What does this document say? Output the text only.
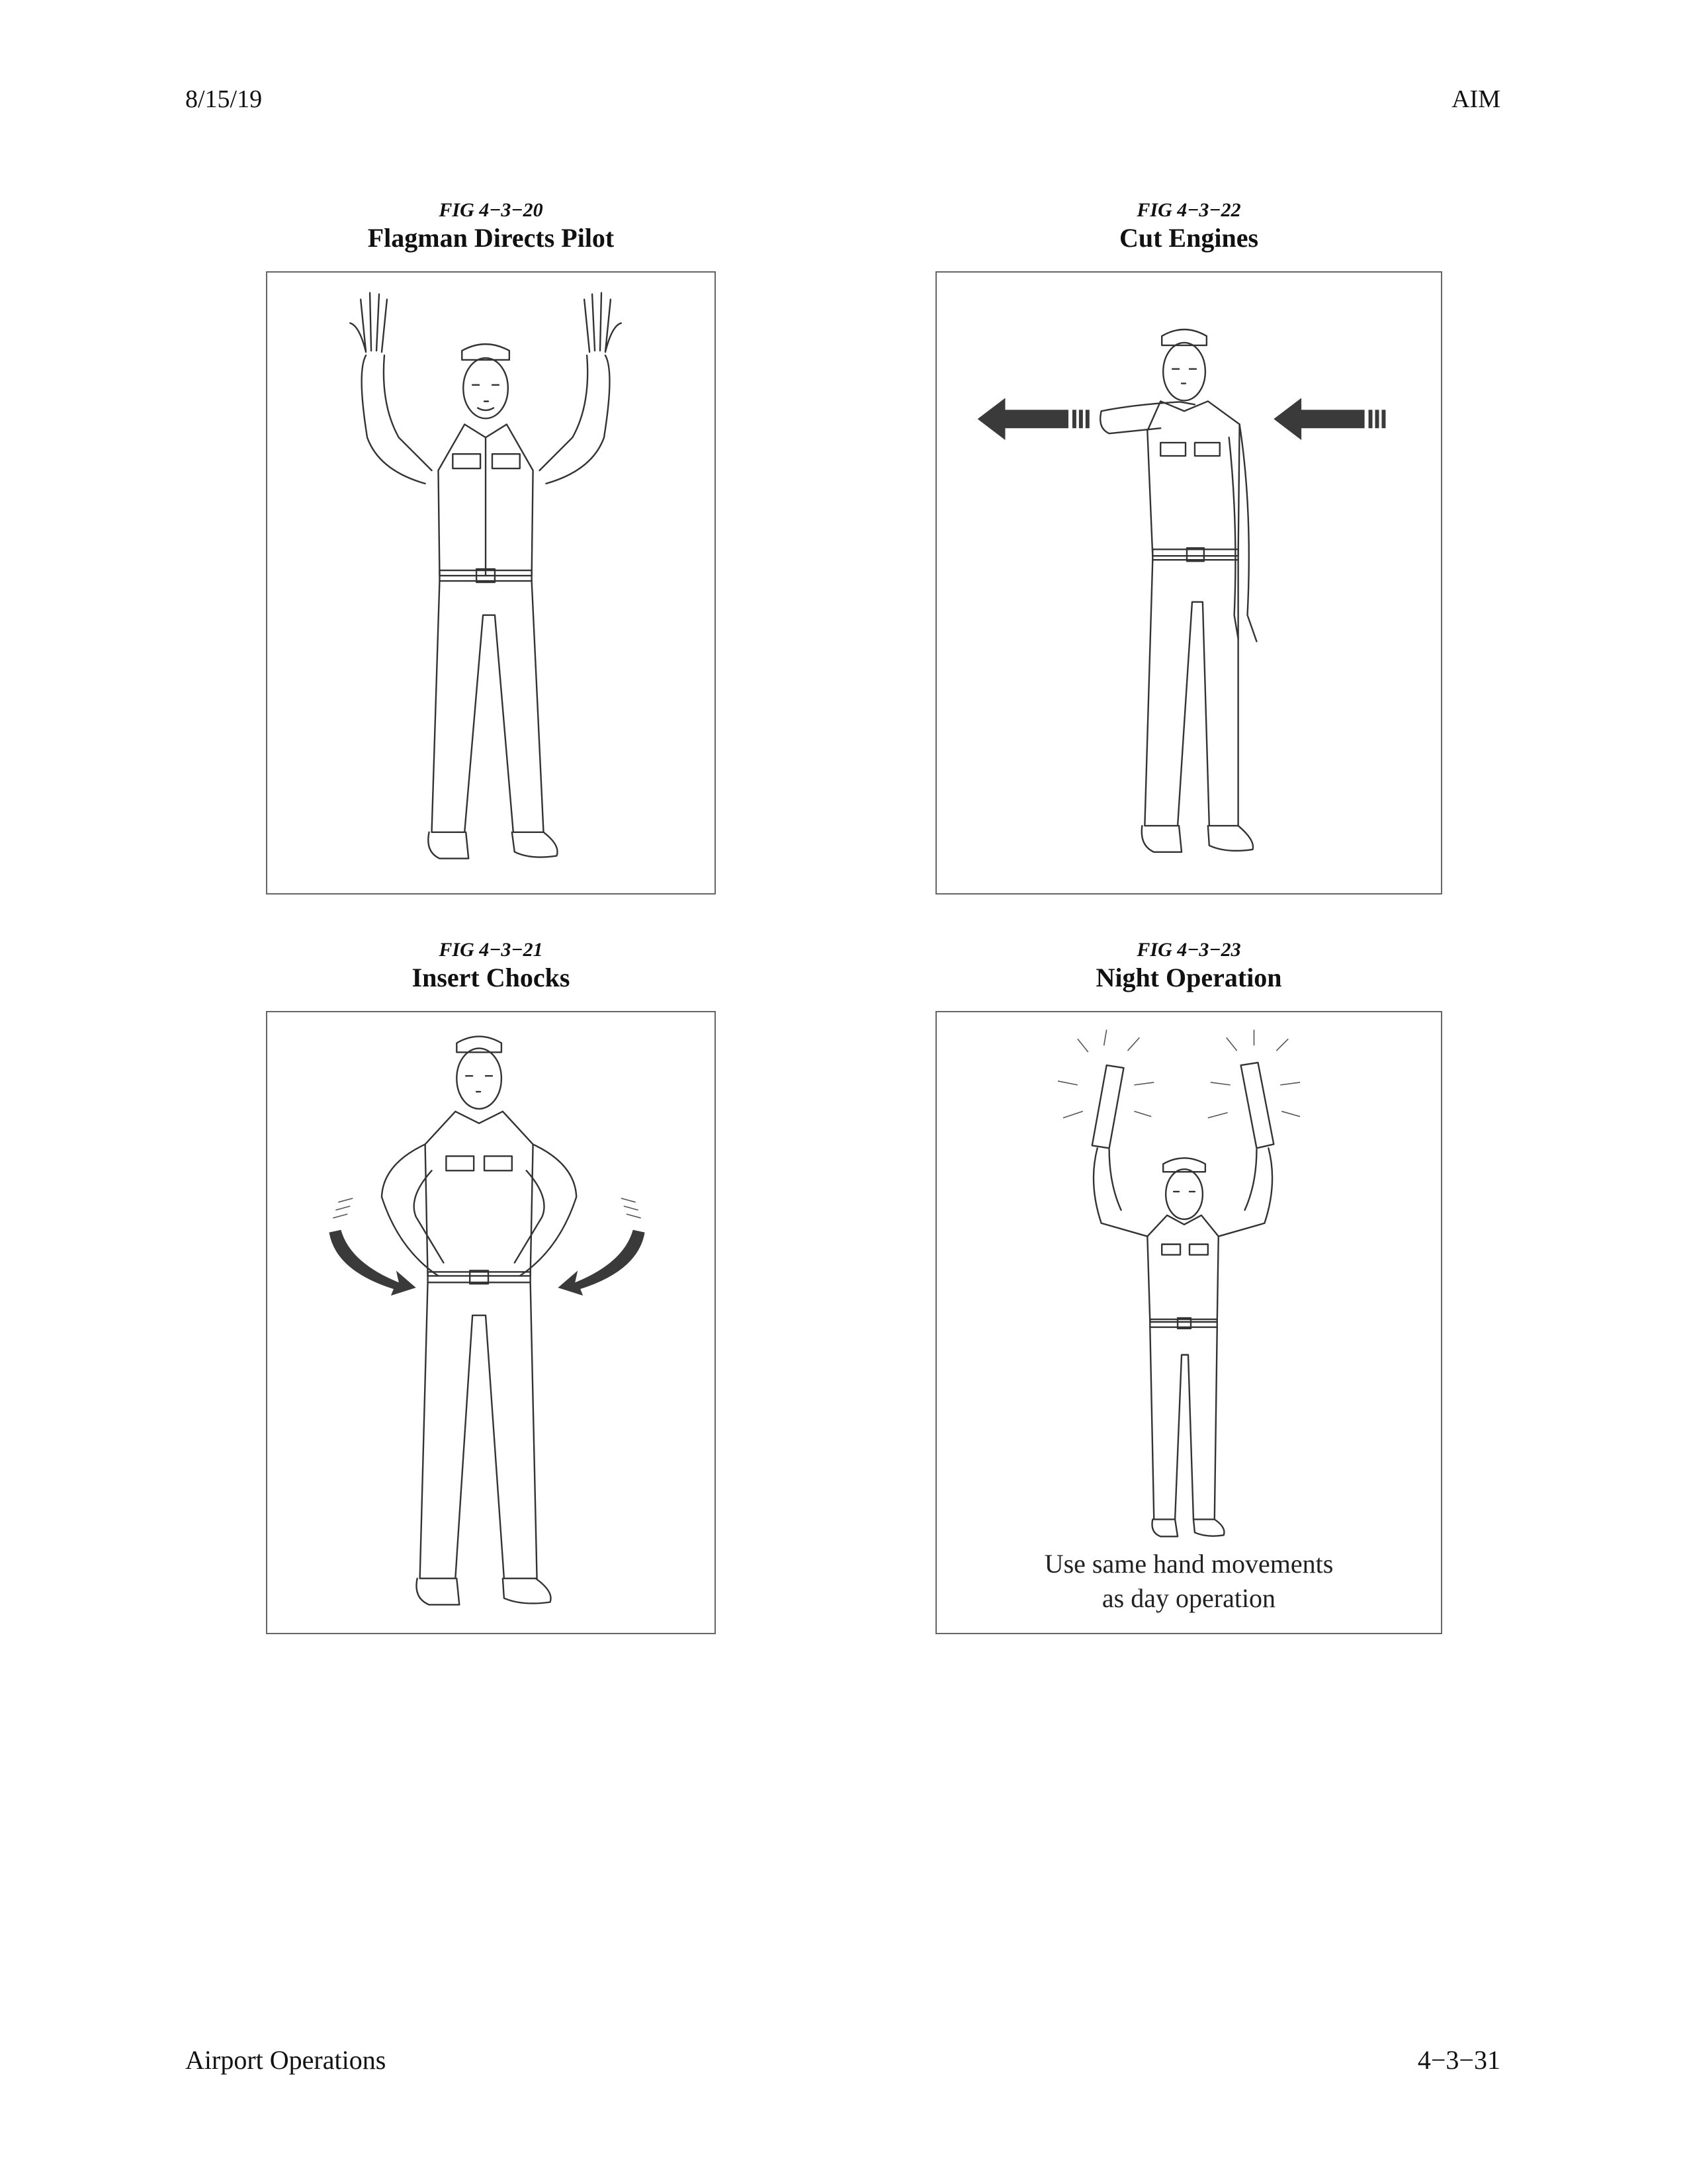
8/15/19	AIM
FIG 4−3−20
Flagman Directs Pilot
FIG 4−3−22
Cut Engines
FIG 4−3−21
Insert Chocks
FIG 4−3−23
Night Operation
Use same hand movements
as day operation
Airport Operations	4−3−31
